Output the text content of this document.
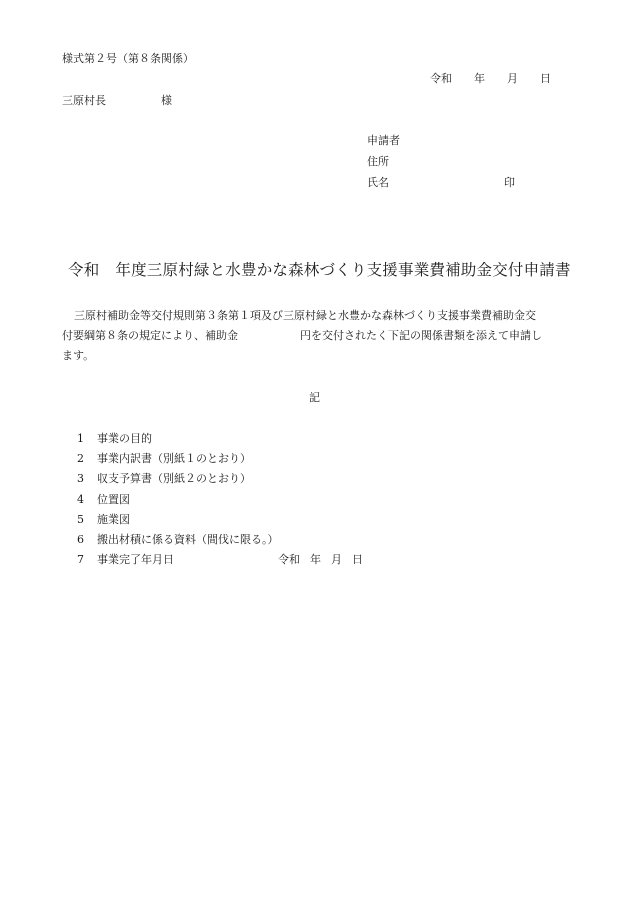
様式第２号（第８条関係）
令和 年 月 日
三原村長	様
申請者
住所
氏名	印
令和 年度三原村緑と水豊かな森林づくり支援事業費補助金交付申請書

三原村補助金等交付規則第３条第１項及び三原村緑と水豊かな森林づくり支援事業費補助金交

付要綱第８条の規定により、補助金	円を交付されたく下記の関係書類を添えて申請し

ます。

記
1 事業の目的
2 事業内訳書（別紙１のとおり）
3 収支予算書（別紙２のとおり）
4 位置図
5 施業図
6 搬出材積に係る資料（間伐に限る。）
7 事業完了年月日	令和 年 月 日
